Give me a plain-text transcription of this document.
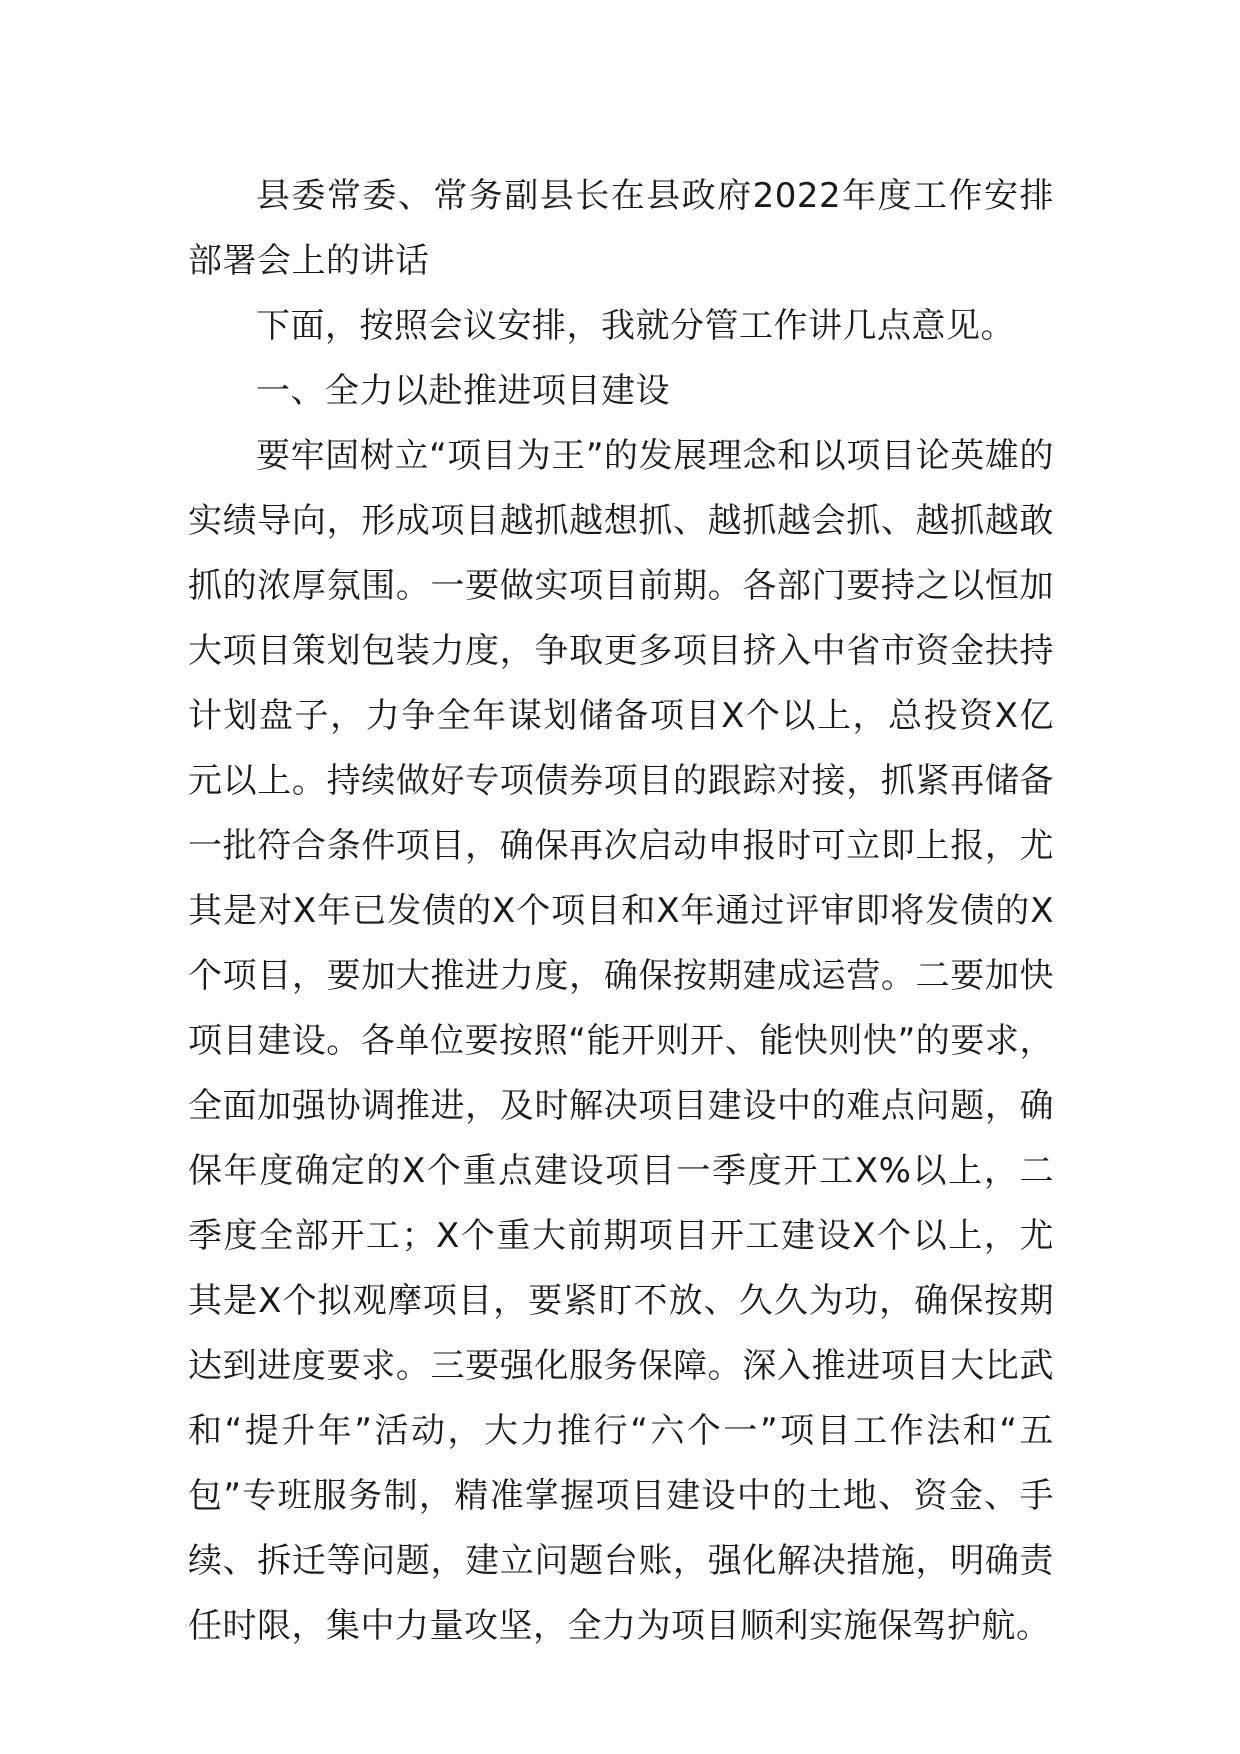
县委常委、常务副县长在县政府2022年度工作安排部署会上的讲话

下面，按照会议安排，我就分管工作讲几点意见。

一、全力以赴推进项目建设

要牢固树立“项目为王”的发展理念和以项目论英雄的实绩导向，形成项目越抓越想抓、越抓越会抓、越抓越敢抓的浓厚氛围。一要做实项目前期。各部门要持之以恒加大项目策划包装力度，争取更多项目挤入中省市资金扶持计划盘子，力争全年谋划储备项目X个以上，总投资X亿元以上。持续做好专项债券项目的跟踪对接，抓紧再储备一批符合条件项目，确保再次启动申报时可立即上报，尤其是对X年已发债的X个项目和X年通过评审即将发债的X个项目，要加大推进力度，确保按期建成运营。二要加快项目建设。各单位要按照“能开则开、能快则快”的要求，全面加强协调推进，及时解决项目建设中的难点问题，确保年度确定的X个重点建设项目一季度开工X%以上，二季度全部开工；X个重大前期项目开工建设X个以上，尤其是X个拟观摩项目，要紧盯不放、久久为功，确保按期达到进度要求。三要强化服务保障。深入推进项目大比武和“提升年”活动，大力推行“六个一”项目工作法和“五包”专班服务制，精准掌握项目建设中的土地、资金、手续、拆迁等问题，建立问题台账，强化解决措施，明确责任时限，集中力量攻坚，全力为项目顺利实施保驾护航。
